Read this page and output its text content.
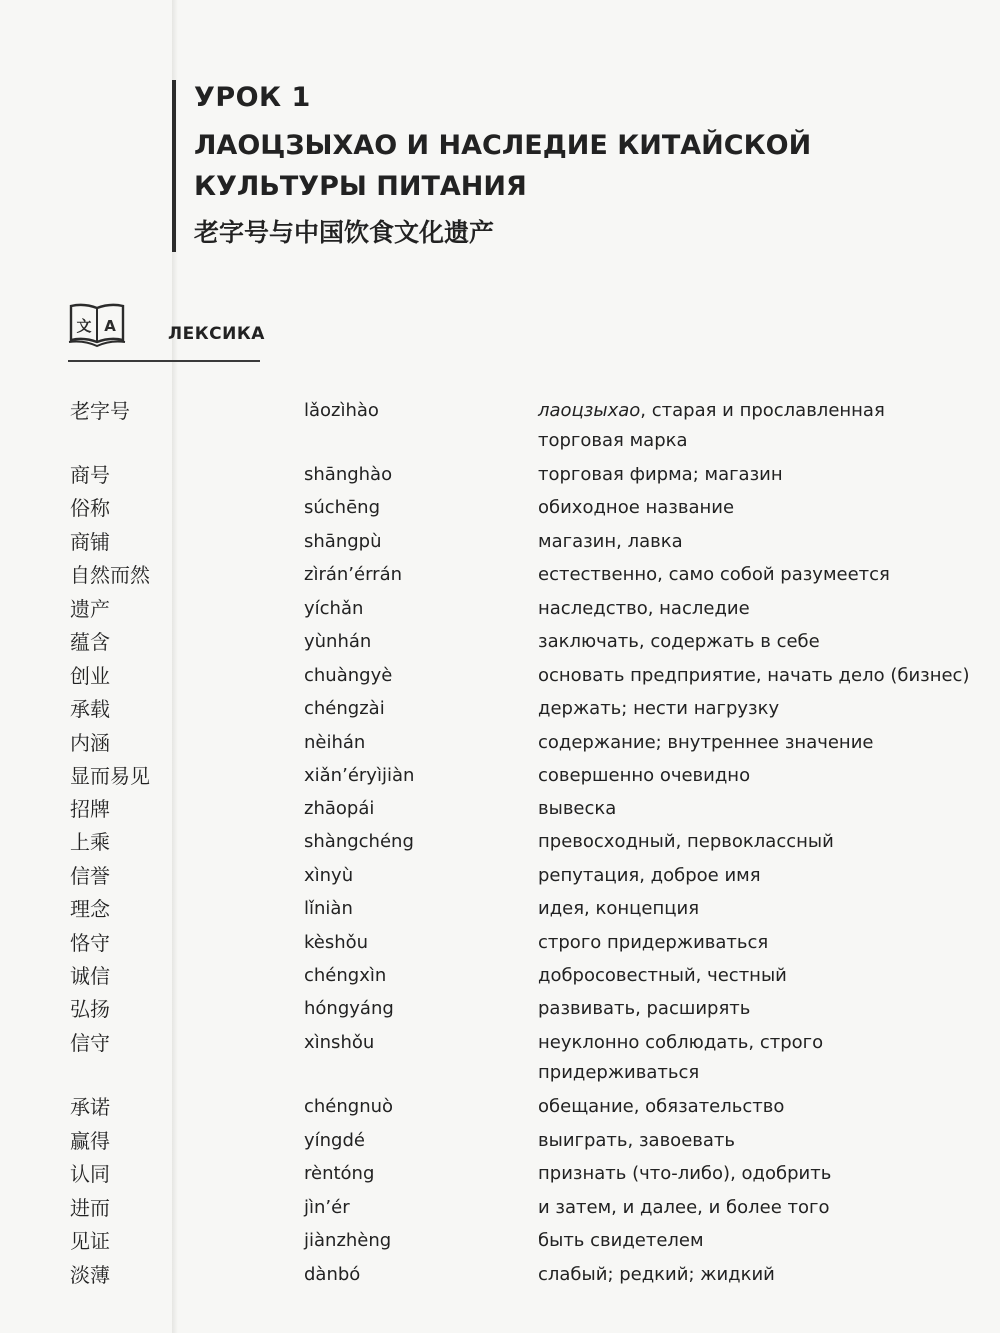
УРОК 1
ЛАОЦЗЫХАО И НАСЛЕДИЕ КИТАЙСКОЙ
КУЛЬТУРЫ ПИТАНИЯ
老字号与中国饮食文化遗产
文 A	ЛЕКСИКА
老字号	lǎozìhào	лаоцзыхао, старая и прославленная торговая марка
商号	shānghào	торговая фирма; магазин
俗称	súchēng	обиходное название
商铺	shāngpù	магазин, лавка
自然而然	zìrán’érrán	естественно, само собой разумеется
遗产	yíchǎn	наследство, наследие
蕴含	yùnhán	заключать, содержать в себе
创业	chuàngyè	основать предприятие, начать дело (бизнес)
承载	chéngzài	держать; нести нагрузку
内涵	nèihán	содержание; внутреннее значение
显而易见	xiǎn’éryìjiàn	совершенно очевидно
招牌	zhāopái	вывеска
上乘	shàngchéng	превосходный, первоклассный
信誉	xìnyù	репутация, доброе имя
理念	lǐniàn	идея, концепция
恪守	kèshǒu	строго придерживаться
诚信	chéngxìn	добросовестный, честный
弘扬	hóngyáng	развивать, расширять
信守	xìnshǒu	неуклонно соблюдать, строго придерживаться
承诺	chéngnuò	обещание, обязательство
赢得	yíngdé	выиграть, завоевать
认同	rèntóng	признать (что-либо), одобрить
进而	jìn’ér	и затем, и далее, и более того
见证	jiànzhèng	быть свидетелем
淡薄	dànbó	слабый; редкий; жидкий
